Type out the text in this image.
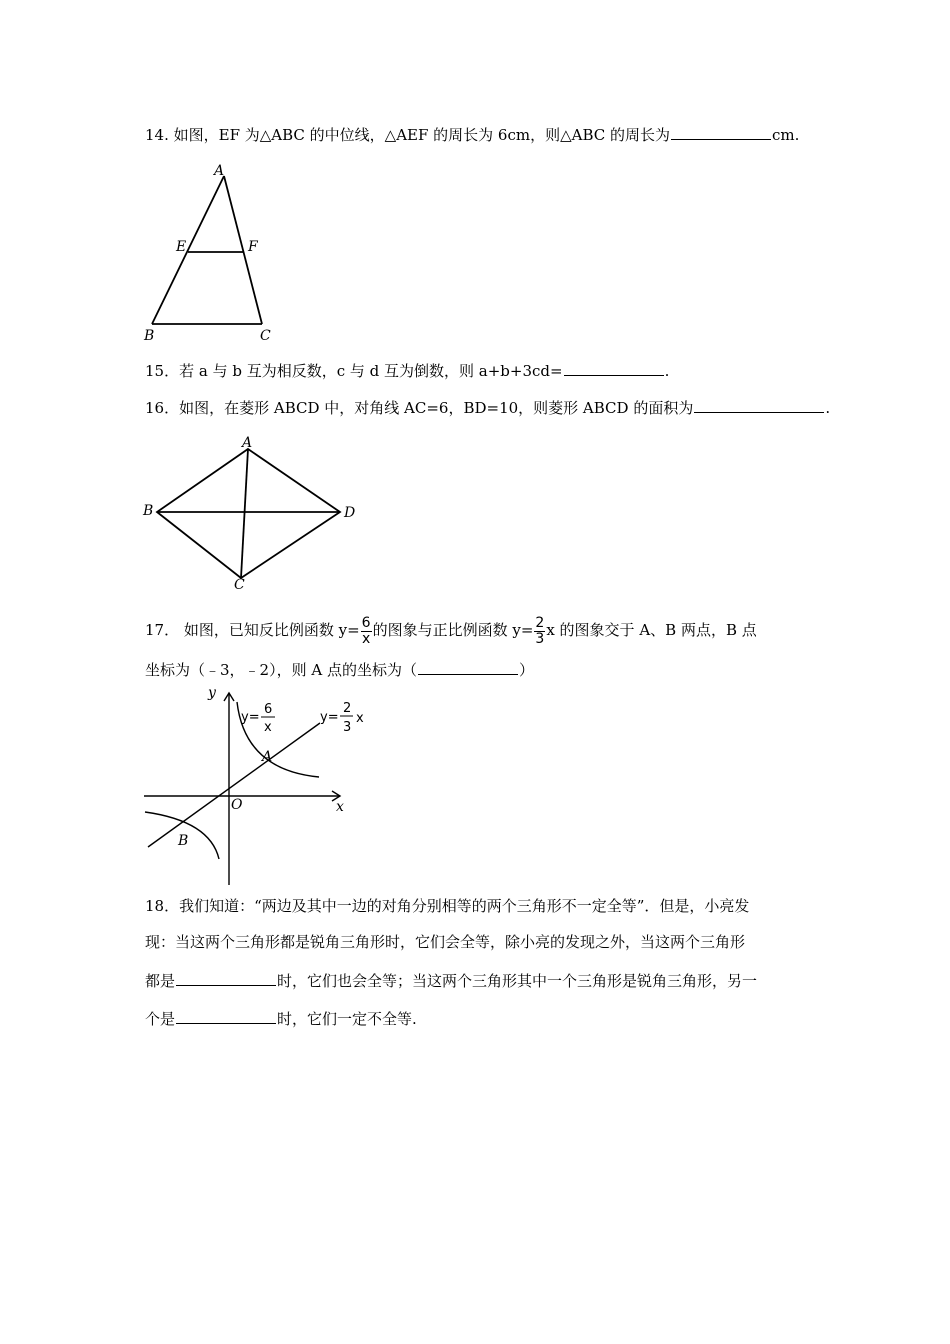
14. 如图，EF 为△ABC 的中位线，△AEF 的周长为 6cm，则△ABC 的周长为	cm.
A
E	F
B	C
15．若 a 与 b 互为相反数，c 与 d 互为倒数，则 a+b+3cd=	.
16．如图，在菱形 ABCD 中，对角线 AC=6，BD=10，则菱形 ABCD 的面积为	.
A
B	D
C
17． 如图，已知反比例函数 $y= \frac{6}{x}$ 的图象与正比例函数 $y= \frac{2}{3}$ x 的图象交于 A、B 两点，B 点
坐标为（﹣3，﹣2），则 A 点的坐标为（	）
y
x
O
A
B
y=
6
x
y=
2
3
x
18．我们知道：“两边及其中一边的对角分别相等的两个三角形不一定全等”．但是，小亮发
现：当这两个三角形都是锐角三角形时，它们会全等，除小亮的发现之外，当这两个三角形
都是	时，它们也会全等；当这两个三角形其中一个三角形是锐角三角形，另一
个是	时，它们一定不全等.
